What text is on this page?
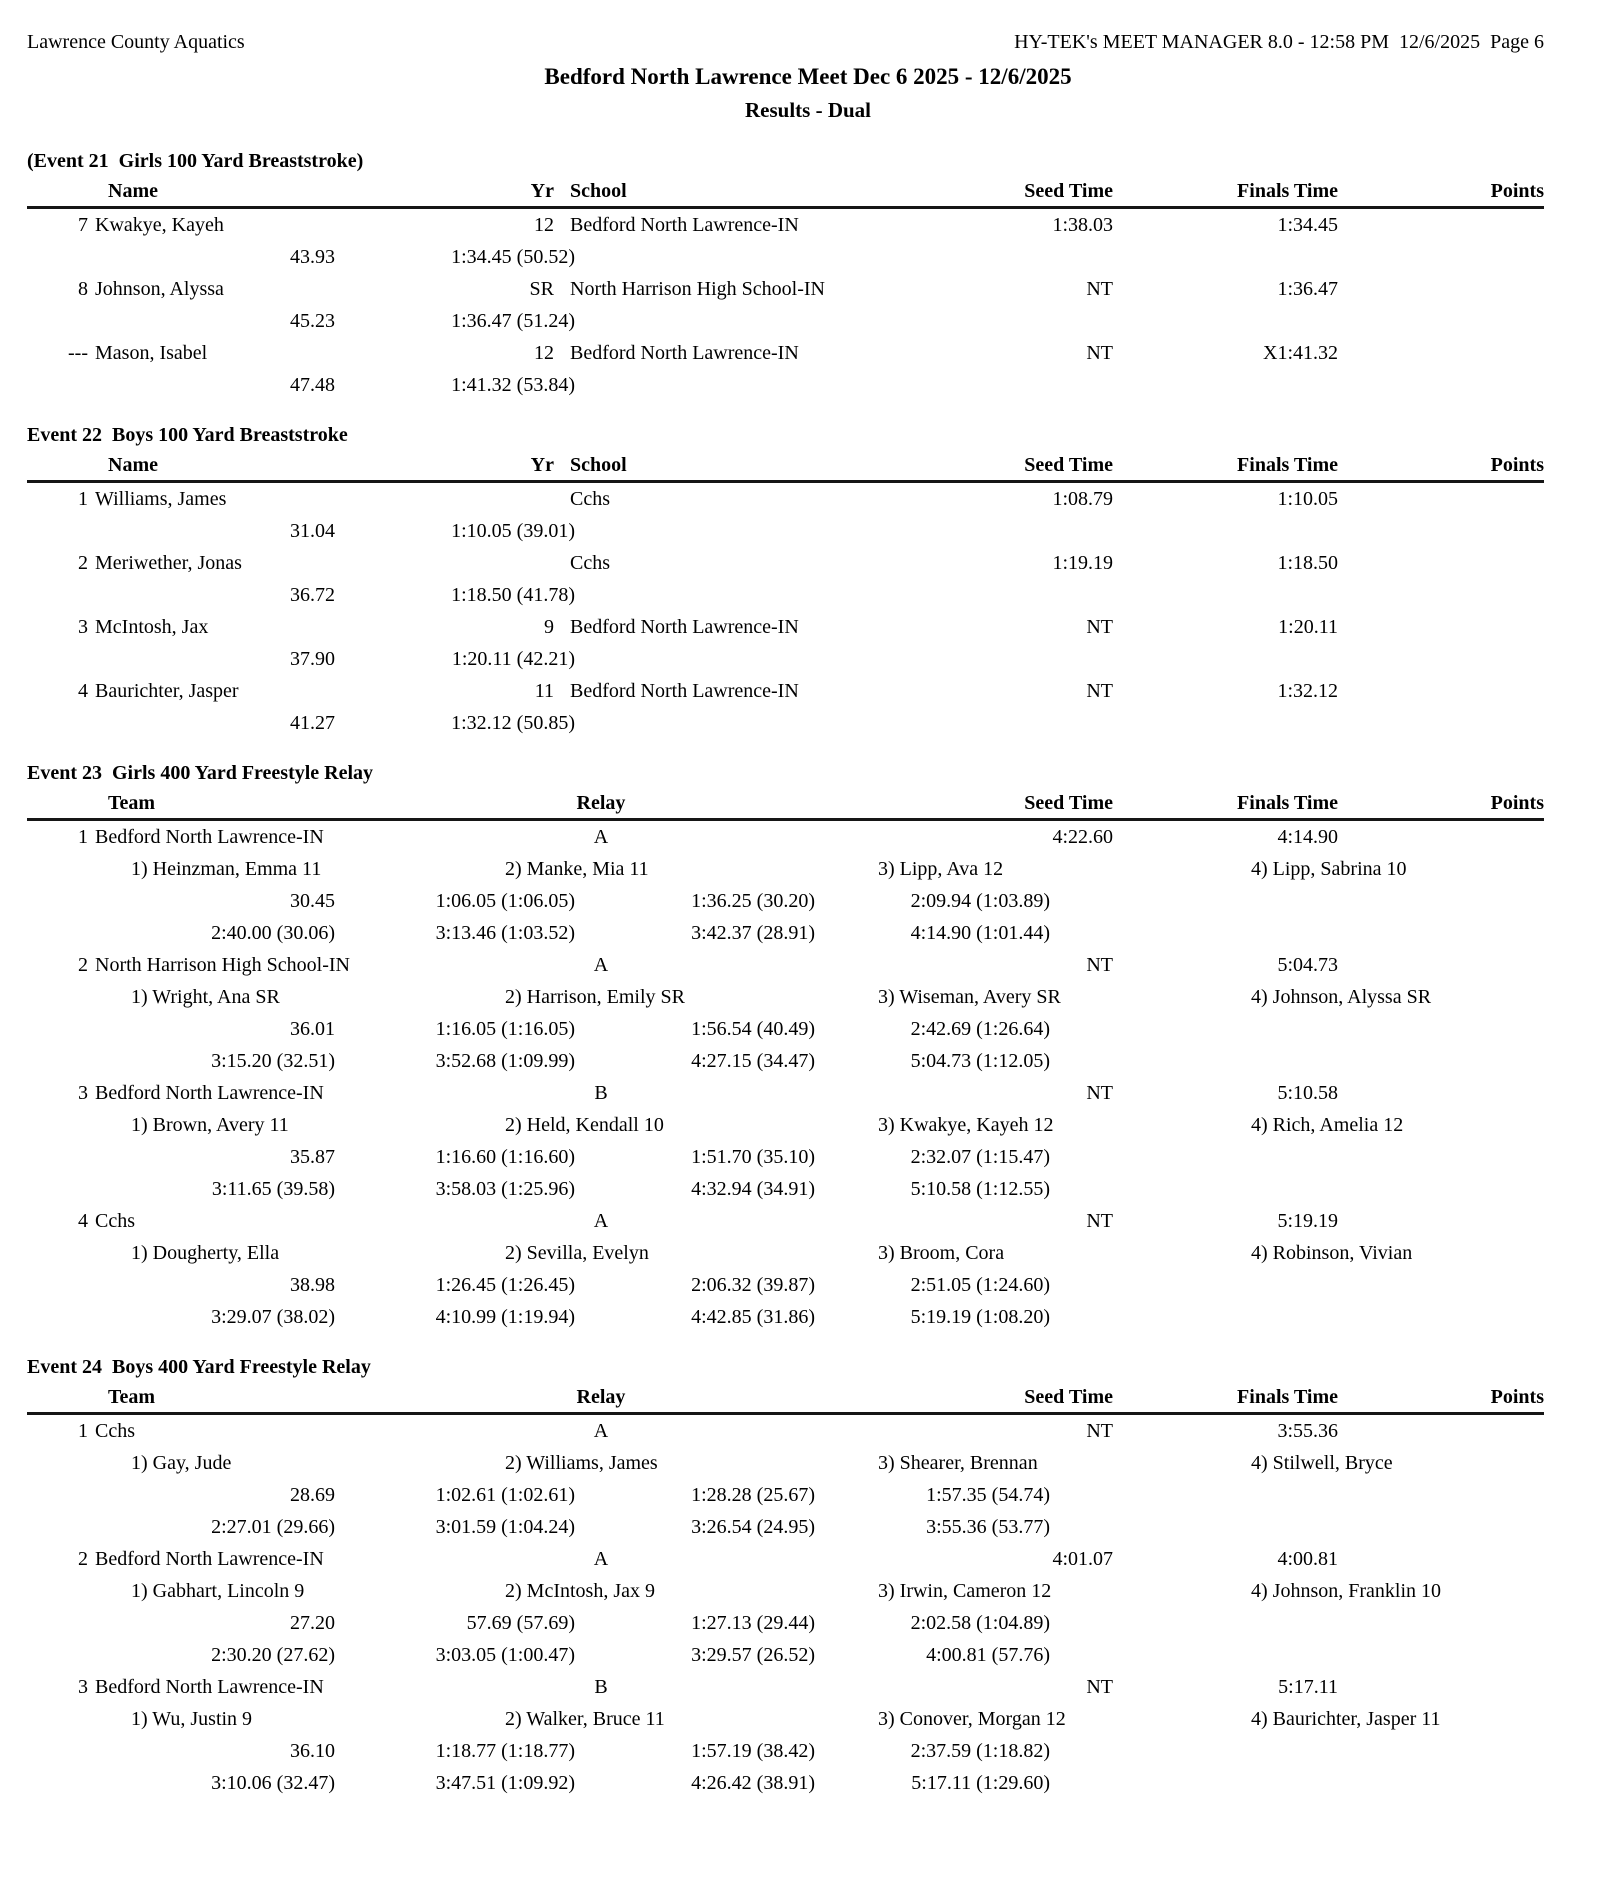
Lawrence County Aquatics	HY-TEK's MEET MANAGER 8.0 - 12:58 PM  12/6/2025  Page 6
Bedford North Lawrence Meet Dec 6 2025 - 12/6/2025
Results - Dual
(Event 21  Girls 100 Yard Breaststroke)
Name	Yr School	Seed Time	Finals Time	Points
7 Kwakye, Kayeh	12 Bedford North Lawrence-IN	1:38.03	1:34.45
43.93	1:34.45 (50.52)
8 Johnson, Alyssa	SR North Harrison High School-IN	NT	1:36.47
45.23	1:36.47 (51.24)
--- Mason, Isabel	12 Bedford North Lawrence-IN	NT	X1:41.32
47.48	1:41.32 (53.84)
Event 22  Boys 100 Yard Breaststroke
Name	Yr School	Seed Time	Finals Time	Points
1 Williams, James	Cchs	1:08.79	1:10.05
31.04	1:10.05 (39.01)
2 Meriwether, Jonas	Cchs	1:19.19	1:18.50
36.72	1:18.50 (41.78)
3 McIntosh, Jax	9 Bedford North Lawrence-IN	NT	1:20.11
37.90	1:20.11 (42.21)
4 Baurichter, Jasper	11 Bedford North Lawrence-IN	NT	1:32.12
41.27	1:32.12 (50.85)
Event 23  Girls 400 Yard Freestyle Relay
Team	Relay	Seed Time	Finals Time	Points
1 Bedford North Lawrence-IN	A	4:22.60	4:14.90
1) Heinzman, Emma 11	2) Manke, Mia 11	3) Lipp, Ava 12	4) Lipp, Sabrina 10
30.45	1:06.05 (1:06.05)	1:36.25 (30.20)	2:09.94 (1:03.89)
2:40.00 (30.06)	3:13.46 (1:03.52)	3:42.37 (28.91)	4:14.90 (1:01.44)
2 North Harrison High School-IN	A	NT	5:04.73
1) Wright, Ana SR	2) Harrison, Emily SR	3) Wiseman, Avery SR	4) Johnson, Alyssa SR
36.01	1:16.05 (1:16.05)	1:56.54 (40.49)	2:42.69 (1:26.64)
3:15.20 (32.51)	3:52.68 (1:09.99)	4:27.15 (34.47)	5:04.73 (1:12.05)
3 Bedford North Lawrence-IN	B	NT	5:10.58
1) Brown, Avery 11	2) Held, Kendall 10	3) Kwakye, Kayeh 12	4) Rich, Amelia 12
35.87	1:16.60 (1:16.60)	1:51.70 (35.10)	2:32.07 (1:15.47)
3:11.65 (39.58)	3:58.03 (1:25.96)	4:32.94 (34.91)	5:10.58 (1:12.55)
4 Cchs	A	NT	5:19.19
1) Dougherty, Ella	2) Sevilla, Evelyn	3) Broom, Cora	4) Robinson, Vivian
38.98	1:26.45 (1:26.45)	2:06.32 (39.87)	2:51.05 (1:24.60)
3:29.07 (38.02)	4:10.99 (1:19.94)	4:42.85 (31.86)	5:19.19 (1:08.20)
Event 24  Boys 400 Yard Freestyle Relay
Team	Relay	Seed Time	Finals Time	Points
1 Cchs	A	NT	3:55.36
1) Gay, Jude	2) Williams, James	3) Shearer, Brennan	4) Stilwell, Bryce
28.69	1:02.61 (1:02.61)	1:28.28 (25.67)	1:57.35 (54.74)
2:27.01 (29.66)	3:01.59 (1:04.24)	3:26.54 (24.95)	3:55.36 (53.77)
2 Bedford North Lawrence-IN	A	4:01.07	4:00.81
1) Gabhart, Lincoln 9	2) McIntosh, Jax 9	3) Irwin, Cameron 12	4) Johnson, Franklin 10
27.20	57.69 (57.69)	1:27.13 (29.44)	2:02.58 (1:04.89)
2:30.20 (27.62)	3:03.05 (1:00.47)	3:29.57 (26.52)	4:00.81 (57.76)
3 Bedford North Lawrence-IN	B	NT	5:17.11
1) Wu, Justin 9	2) Walker, Bruce 11	3) Conover, Morgan 12	4) Baurichter, Jasper 11
36.10	1:18.77 (1:18.77)	1:57.19 (38.42)	2:37.59 (1:18.82)
3:10.06 (32.47)	3:47.51 (1:09.92)	4:26.42 (38.91)	5:17.11 (1:29.60)
